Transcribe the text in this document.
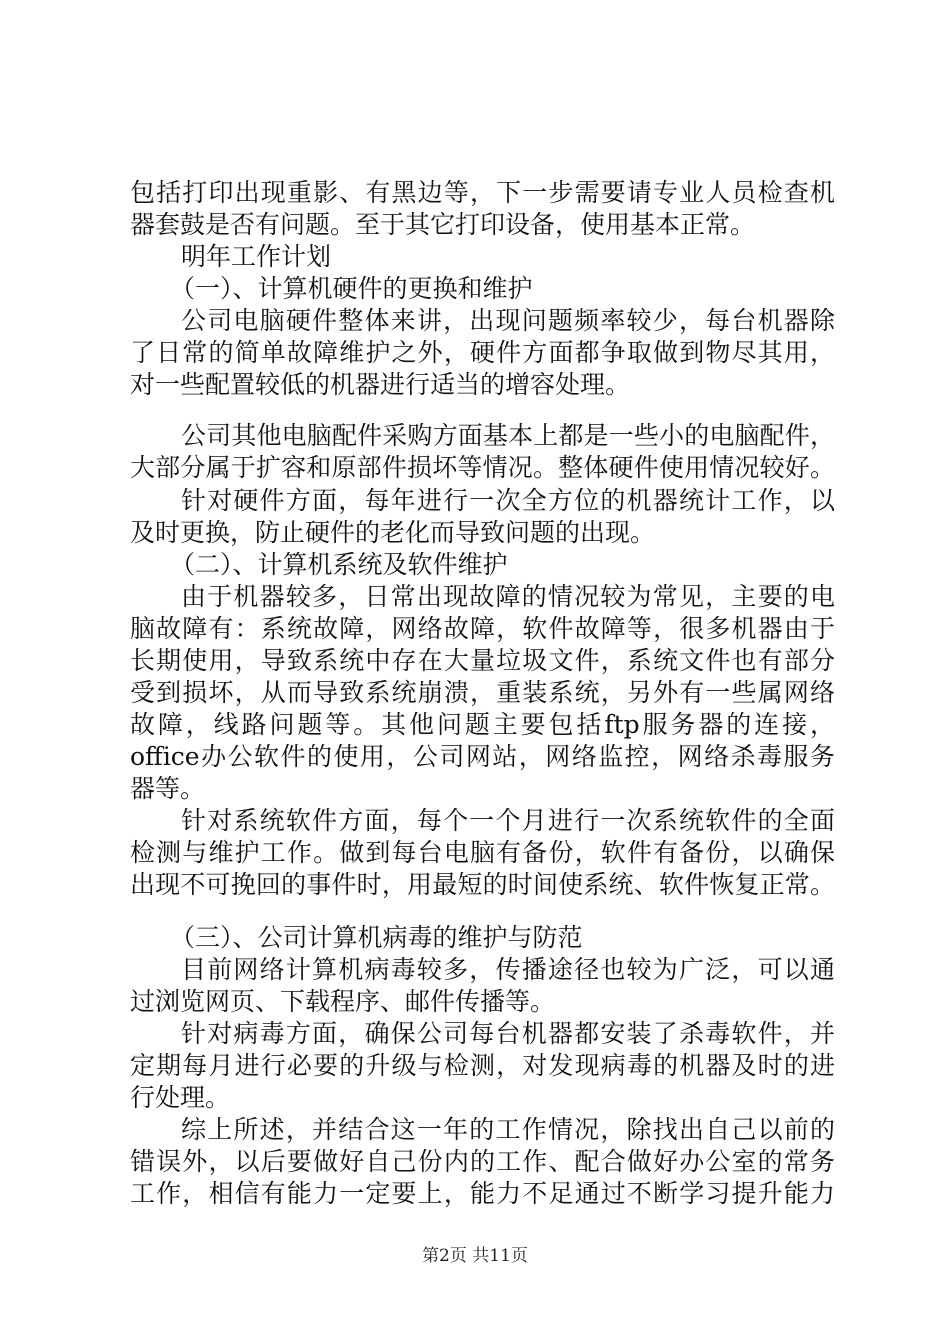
包括打印出现重影、有黑边等，下一步需要请专业人员检查机
器套鼓是否有问题。至于其它打印设备，使用基本正常。
明年工作计划
（一）、计算机硬件的更换和维护
公司电脑硬件整体来讲，出现问题频率较少，每台机器除
了日常的简单故障维护之外，硬件方面都争取做到物尽其用，
对一些配置较低的机器进行适当的增容处理。
公司其他电脑配件采购方面基本上都是一些小的电脑配件，
大部分属于扩容和原部件损坏等情况。整体硬件使用情况较好。
针对硬件方面，每年进行一次全方位的机器统计工作，以
及时更换，防止硬件的老化而导致问题的出现。
（二）、计算机系统及软件维护
由于机器较多，日常出现故障的情况较为常见，主要的电
脑故障有：系统故障，网络故障，软件故障等，很多机器由于
长期使用，导致系统中存在大量垃圾文件，系统文件也有部分
受到损坏，从而导致系统崩溃，重装系统，另外有一些属网络
故障，线路问题等。其他问题主要包括ftp服务器的连接，
office办公软件的使用，公司网站，网络监控，网络杀毒服务
器等。
针对系统软件方面，每个一个月进行一次系统软件的全面
检测与维护工作。做到每台电脑有备份，软件有备份，以确保
出现不可挽回的事件时，用最短的时间使系统、软件恢复正常。
（三）、公司计算机病毒的维护与防范
目前网络计算机病毒较多，传播途径也较为广泛，可以通
过浏览网页、下载程序、邮件传播等。
针对病毒方面，确保公司每台机器都安装了杀毒软件，并
定期每月进行必要的升级与检测，对发现病毒的机器及时的进
行处理。
综上所述，并结合这一年的工作情况，除找出自己以前的
错误外，以后要做好自己份内的工作、配合做好办公室的常务
工作，相信有能力一定要上，能力不足通过不断学习提升能力
第2页 共11页
